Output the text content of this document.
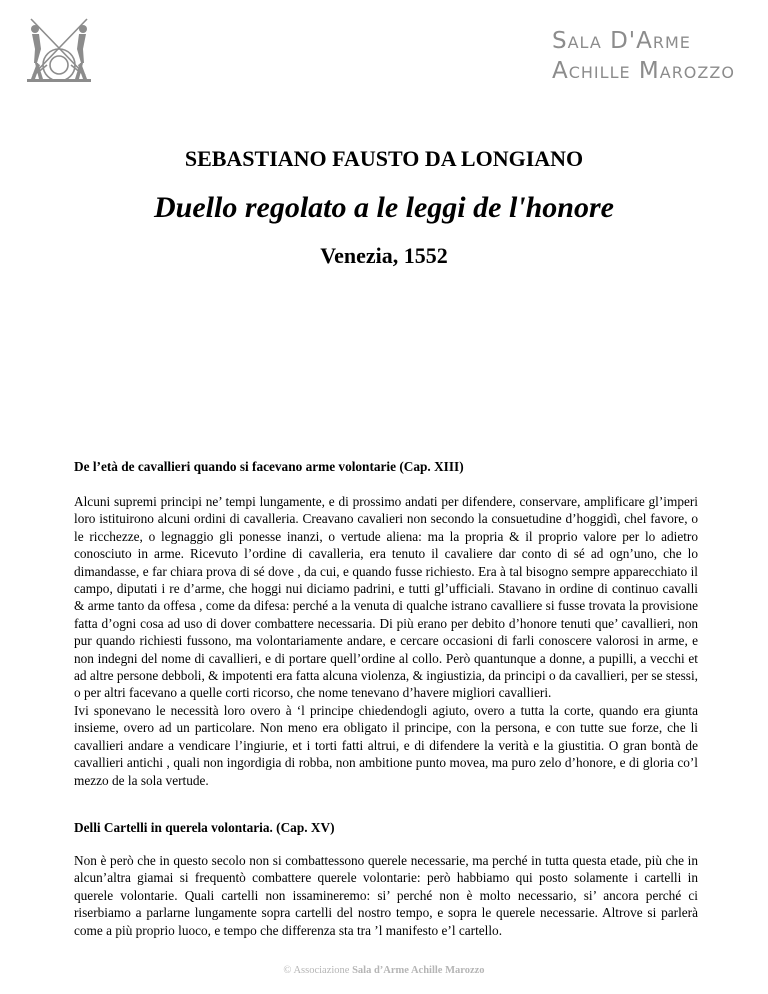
Sala D'Arme
Achille Marozzo
SEBASTIANO FAUSTO DA LONGIANO
Duello regolato a le leggi de l'honore
Venezia, 1552
De l’età de cavallieri quando si facevano arme volontarie (Cap. XIII)

Alcuni supremi principi ne’ tempi lungamente, e di prossimo andati per difendere, conservare, amplificare gl’imperi loro istituirono alcuni ordini di cavalleria. Creavano cavalieri non secondo la consuetudine d’hoggidì, chel favore, o le ricchezze, o legnaggio gli ponesse inanzi, o vertude aliena: ma la propria & il proprio valore per lo adietro conosciuto in arme. Ricevuto l’ordine di cavalleria, era tenuto il cavaliere dar conto di sé ad ogn’uno, che lo dimandasse, e far chiara prova di sé dove , da cui, e quando fusse richiesto. Era à tal bisogno sempre apparecchiato il campo, diputati i re d’arme, che hoggi nui diciamo padrini, e tutti gl’ufficiali. Stavano in ordine di continuo cavalli & arme tanto da offesa , come da difesa: perché a la venuta di qualche istrano cavalliere si fusse trovata la provisione fatta d’ogni cosa ad uso di dover combattere necessaria. Di più erano per debito d’honore tenuti que’ cavallieri, non pur quando richiesti fussono, ma volontariamente andare, e cercare occasioni di farli conoscere valorosi in arme, e non indegni del nome di cavallieri, e di portare quell’ordine al collo. Però quantunque a donne, a pupilli, a vecchi et ad altre persone debboli, & impotenti era fatta alcuna violenza, & ingiustizia, da principi o da cavallieri, per se stessi, o per altri facevano a quelle corti ricorso, che nome tenevano d’havere migliori cavallieri.

Ivi sponevano le necessità loro overo à ‘l principe chiedendogli agiuto, overo a tutta la corte, quando era giunta insieme, overo ad un particolare. Non meno era obligato il principe, con la persona, e con tutte sue forze, che li cavallieri andare a vendicare l’ingiurie, et i torti fatti altrui, e di difendere la verità e la giustitia. O gran bontà de cavallieri antichi , quali non ingordigia di robba, non ambitione punto movea, ma puro zelo d’honore, e di gloria co’l mezzo de la sola vertude.

Delli Cartelli in querela volontaria. (Cap. XV)

Non è però che in questo secolo non si combattessono querele necessarie, ma perché in tutta questa etade, più che in alcun’altra giamai si frequentò combattere querele volontarie: però habbiamo qui posto solamente i cartelli in querele volontarie. Quali cartelli non issamineremo: si’ perché non è molto necessario, si’ ancora perché ci riserbiamo a parlarne lungamente sopra cartelli del nostro tempo, e sopra le querele necessarie. Altrove si parlerà come a più proprio luoco, e tempo che differenza sta tra ’l manifesto e’l cartello.

© Associazione Sala d’Arme Achille Marozzo
